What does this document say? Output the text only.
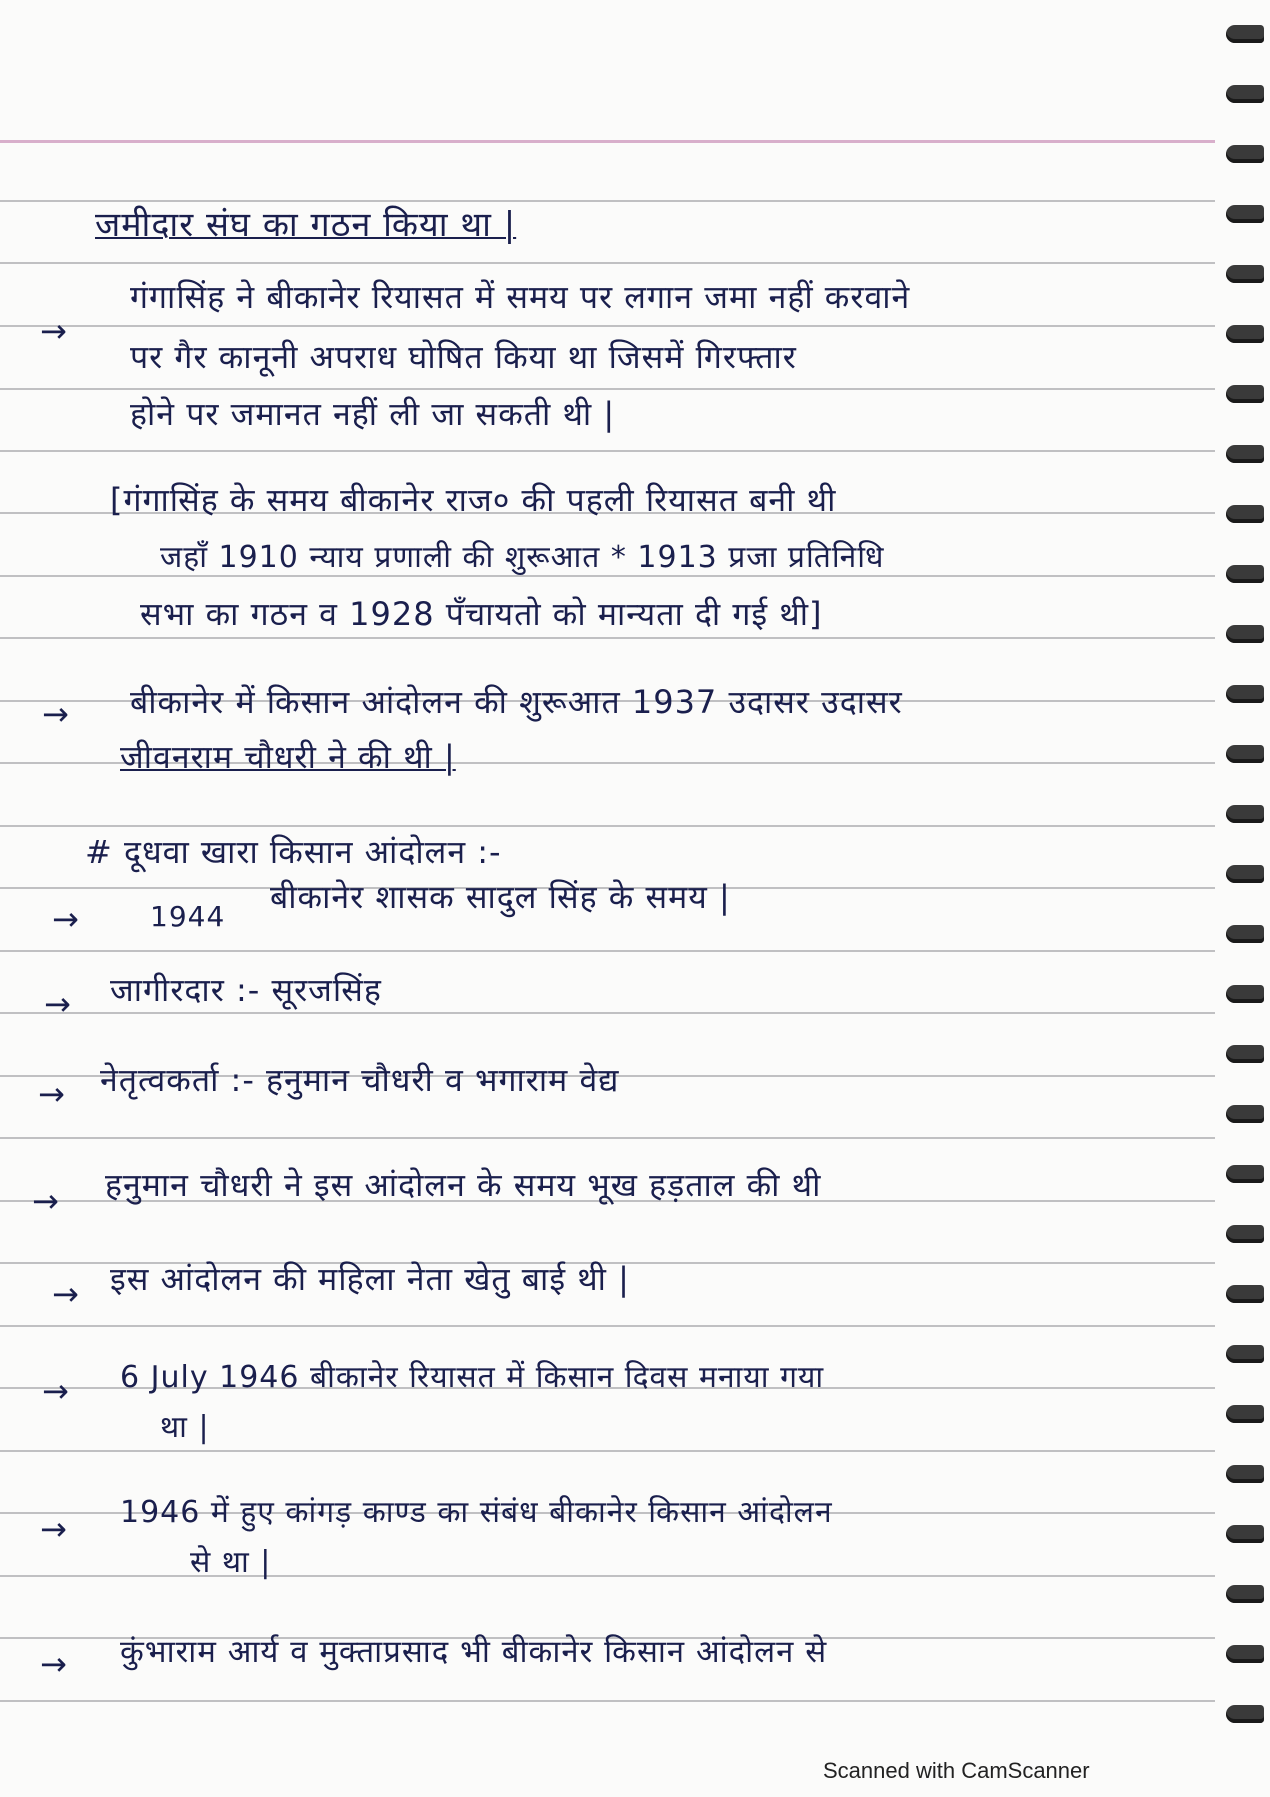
जमीदार संघ का गठन किया था |
→
गंगासिंह ने बीकानेर रियासत में समय पर लगान जमा नहीं करवाने
पर गैर कानूनी अपराध घोषित किया था जिसमें गिरफ्तार
होने पर जमानत नहीं ली जा सकती थी |
[गंगासिंह के समय बीकानेर राज० की पहली रियासत बनी थी
जहाँ 1910 न्याय प्रणाली की शुरूआत * 1913 प्रजा प्रतिनिधि
सभा का गठन व 1928 पँचायतो को मान्यता दी गई थी]
→ बीकानेर में किसान आंदोलन की शुरूआत 1937 उदासर उदासर
जीवनराम चौधरी ने की थी |
# दूधवा खारा किसान आंदोलन :-
→	1944
बीकानेर शासक सादुल सिंह के समय |
→ जागीरदार :- सूरजसिंह
→ नेतृत्वकर्ता :- हनुमान चौधरी व भगाराम वेद्य
→ हनुमान चौधरी ने इस आंदोलन के समय भूख हड़ताल की थी
→ इस आंदोलन की महिला नेता खेतु बाई थी |
→ 6 July 1946 बीकानेर रियासत में किसान दिवस मनाया गया
था |
→ 1946 में हुए कांगड़ काण्ड का संबंध बीकानेर किसान आंदोलन
से था |
→ कुंभाराम आर्य व मुक्ताप्रसाद भी बीकानेर किसान आंदोलन से
Scanned with CamScanner
